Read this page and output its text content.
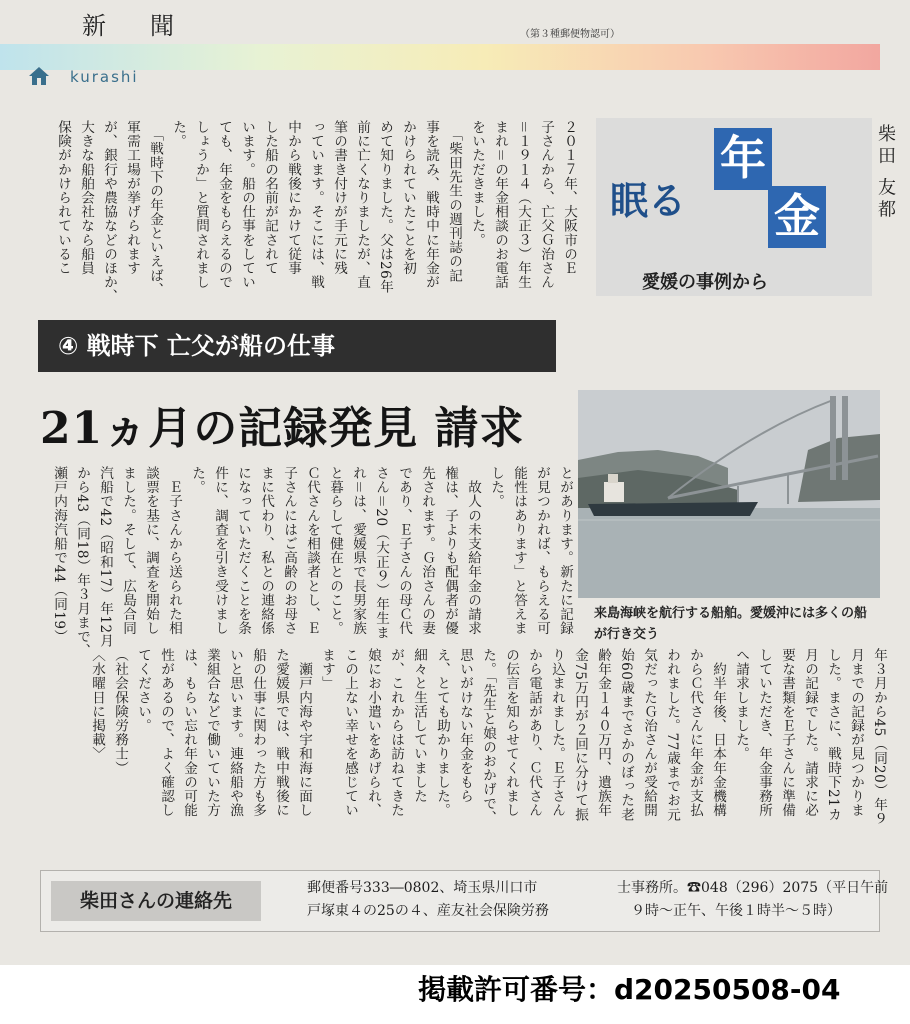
新聞	（第３種郵便物認可）
kurashi
２０１７年、大阪市のＥ
子さんから、亡父Ｇ治さん
＝１９１４（大正３）年生
まれ＝の年金相談のお電話
をいただきました。
　「柴田先生の週刊誌の記
事を読み、戦時中に年金が
かけられていたことを初
めて知りました。父は26年
前に亡くなりましたが、直
筆の書き付けが手元に残
っています。そこには、戦
中から戦後にかけて従事
した船の名前が記されて
います。船の仕事をしてい
ても、年金をもらえるので
しょうか」と質問されまし
た。
　「戦時下の年金といえば、
軍需工場が挙げられます
が、銀行や農協などのほか、
大きな船舶会社なら船員
保険がかけられているこ	眠る
年
金
愛媛の事例から
柴田 友都
④ 戦時下 亡父が船の仕事
21ヵ月の記録発見 請求
とがあります。新たに記録
が見つかれば、もらえる可
能性はあります」と答えま
した。
　故人の未支給年金の請求
権は、子よりも配偶者が優
先されます。Ｇ治さんの妻
であり、Ｅ子さんの母Ｃ代
さん＝20（大正９）年生ま
れ＝は、愛媛県で長男家族
と暮らして健在とのこと。
Ｃ代さんを相談者とし、Ｅ
子さんにはご高齢のお母さ
まに代わり、私との連絡係
になっていただくことを条
件に、調査を引き受けまし
た。
　Ｅ子さんから送られた相
談票を基に、調査を開始し
ました。そして、広島合同
汽船で42（昭和17）年12月
から43（同18）年３月まで、
瀬戸内海汽船で44（同19）	来島海峡を航行する船舶。愛媛沖には多くの船が行き交う
年３月から45（同20）年９
月までの記録が見つかりま
した。まさに、戦時下21カ
月の記録でした。請求に必
要な書類をＥ子さんに準備
していただき、年金事務所
へ請求しました。
　約半年後、日本年金機構
からＣ代さんに年金が支払
われました。77歳までお元
気だったＧ治さんが受給開
始60歳までさかのぼった老
齢年金１４０万円、遺族年
金75万円が２回に分けて振
り込まれました。Ｅ子さん
から電話があり、Ｃ代さん
の伝言を知らせてくれまし
た。「先生と娘のおかげで、
思いがけない年金をもら
え、とても助かりました。
細々と生活していました
が、これからは訪ねてきた
娘にお小遣いをあげられ、
この上ない幸せを感じてい
ます」
　瀬戸内海や宇和海に面し
た愛媛県では、戦中戦後に
船の仕事に関わった方も多
いと思います。連絡船や漁
業組合などで働いていた方
は、もらい忘れ年金の可能
性があるので、よく確認し
てください。
（社会保険労務士）
〈水曜日に掲載〉
柴田さんの連絡先
郵便番号333―0802、埼玉県川口市
戸塚東４の25の４、産友社会保険労務
士事務所。☎048（296）2075（平日午前
　９時〜正午、午後１時半〜５時）
掲載許可番号：d20250508-04
